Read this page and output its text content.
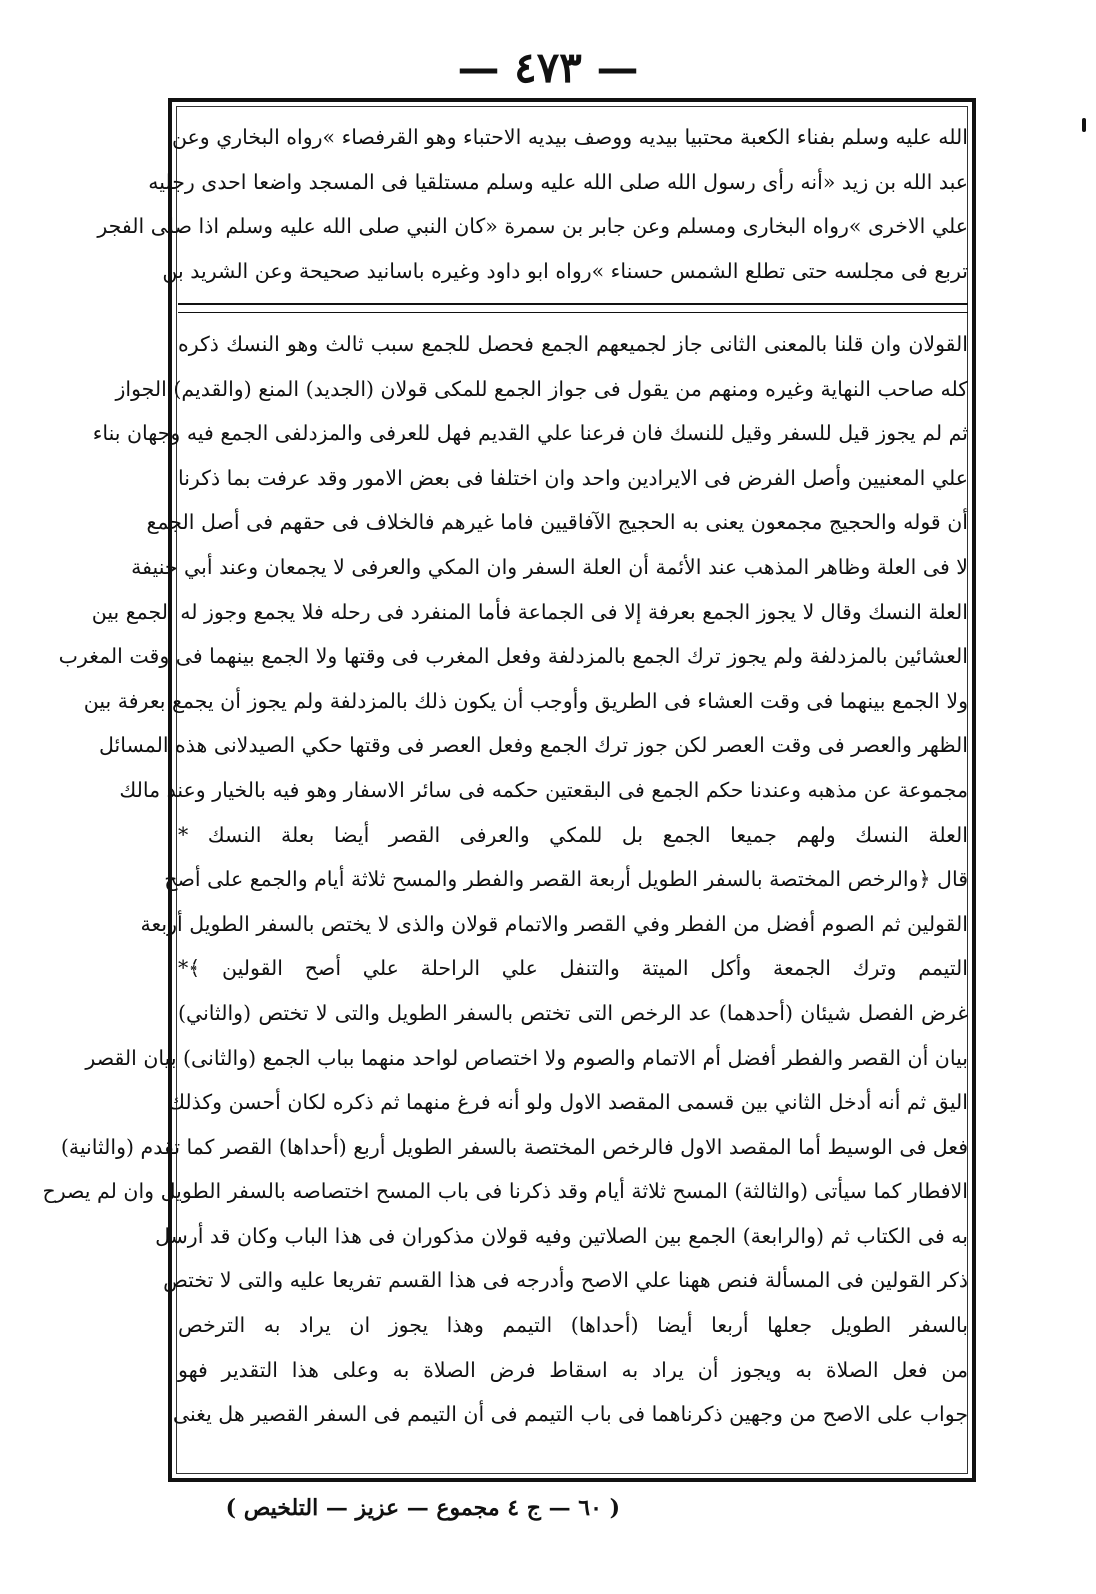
— ٤٧٣ —
الله عليه وسلم بفناء الكعبة محتبيا بيديه ووصف بيديه الاحتباء وهو القرفصاء »رواه البخاري وعن
عبد الله بن زيد «أنه رأى رسول الله صلى الله عليه وسلم مستلقيا فى المسجد واضعا احدى رجليه
علي الاخرى »رواه البخارى ومسلم وعن جابر بن سمرة «كان النبي صلى الله عليه وسلم اذا صلى الفجر
تربع فى مجلسه حتى تطلع الشمس حسناء »رواه ابو داود وغيره باسانيد صحيحة وعن الشريد بن
القولان وان قلنا بالمعنى الثانى جاز لجميعهم الجمع فحصل للجمع سبب ثالث وهو النسك ذكره
كله صاحب النهاية وغيره ومنهم من يقول فى جواز الجمع للمكى قولان (الجديد) المنع (والقديم) الجواز
ثم لم يجوز قيل للسفر وقيل للنسك فان فرعنا علي القديم فهل للعرفى والمزدلفى الجمع فيه وجهان بناء
علي المعنيين وأصل الفرض فى الايرادين واحد وان اختلفا فى بعض الامور وقد عرفت بما ذكرنا
أن قوله والحجيج مجمعون يعنى به الحجيج الآفاقيين فاما غيرهم فالخلاف فى حقهم فى أصل الجمع
لا فى العلة وظاهر المذهب عند الأئمة أن العلة السفر وان المكي والعرفى لا يجمعان وعند أبي حنيفة
العلة النسك وقال لا يجوز الجمع بعرفة إلا فى الجماعة فأما المنفرد فى رحله فلا يجمع وجوز له الجمع بين
العشائين بالمزدلفة ولم يجوز ترك الجمع بالمزدلفة وفعل المغرب فى وقتها ولا الجمع بينهما فى وقت المغرب
ولا الجمع بينهما فى وقت العشاء فى الطريق وأوجب أن يكون ذلك بالمزدلفة ولم يجوز أن يجمع بعرفة بين
الظهر والعصر فى وقت العصر لكن جوز ترك الجمع وفعل العصر فى وقتها حكي الصيدلانى هذه المسائل
مجموعة عن مذهبه وعندنا حكم الجمع فى البقعتين حكمه فى سائر الاسفار وهو فيه بالخيار وعند مالك
العلة النسك ولهم جميعا الجمع بل للمكي والعرفى القصر أيضا بعلة النسك *
قال ﴿والرخص المختصة بالسفر الطويل أربعة القصر والفطر والمسح ثلاثة أيام والجمع على أصح
القولين ثم الصوم أفضل من الفطر وفي القصر والاتمام قولان والذى لا يختص بالسفر الطويل أربعة
التيمم وترك الجمعة وأكل الميتة والتنفل علي الراحلة علي أصح القولين ﴾*
غرض الفصل شيئان (أحدهما) عد الرخص التى تختص بالسفر الطويل والتى لا تختص (والثاني)
بيان أن القصر والفطر أفضل أم الاتمام والصوم ولا اختصاص لواحد منهما بباب الجمع (والثانى) بيان القصر
اليق ثم أنه أدخل الثاني بين قسمى المقصد الاول ولو أنه فرغ منهما ثم ذكره لكان أحسن وكذلك
فعل فى الوسيط أما المقصد الاول فالرخص المختصة بالسفر الطويل أربع (أحداها) القصر كما تقدم (والثانية)
الافطار كما سيأتى (والثالثة) المسح ثلاثة أيام وقد ذكرنا فى باب المسح اختصاصه بالسفر الطويل وان لم يصرح
به فى الكتاب ثم (والرابعة) الجمع بين الصلاتين وفيه قولان مذكوران فى هذا الباب وكان قد أرسل
ذكر القولين فى المسألة فنص ههنا علي الاصح وأدرجه فى هذا القسم تفريعا عليه والتى لا تختص
بالسفر الطويل جعلها أربعا أيضا (أحداها) التيمم وهذا يجوز ان يراد به الترخص
من فعل الصلاة به ويجوز أن يراد به اسقاط فرض الصلاة به وعلى هذا التقدير فهو
جواب على الاصح من وجهين ذكرناهما فى باب التيمم فى أن التيمم فى السفر القصير هل يغنى
( ٦٠ — ج ٤ مجموع — عزيز — التلخيص )
